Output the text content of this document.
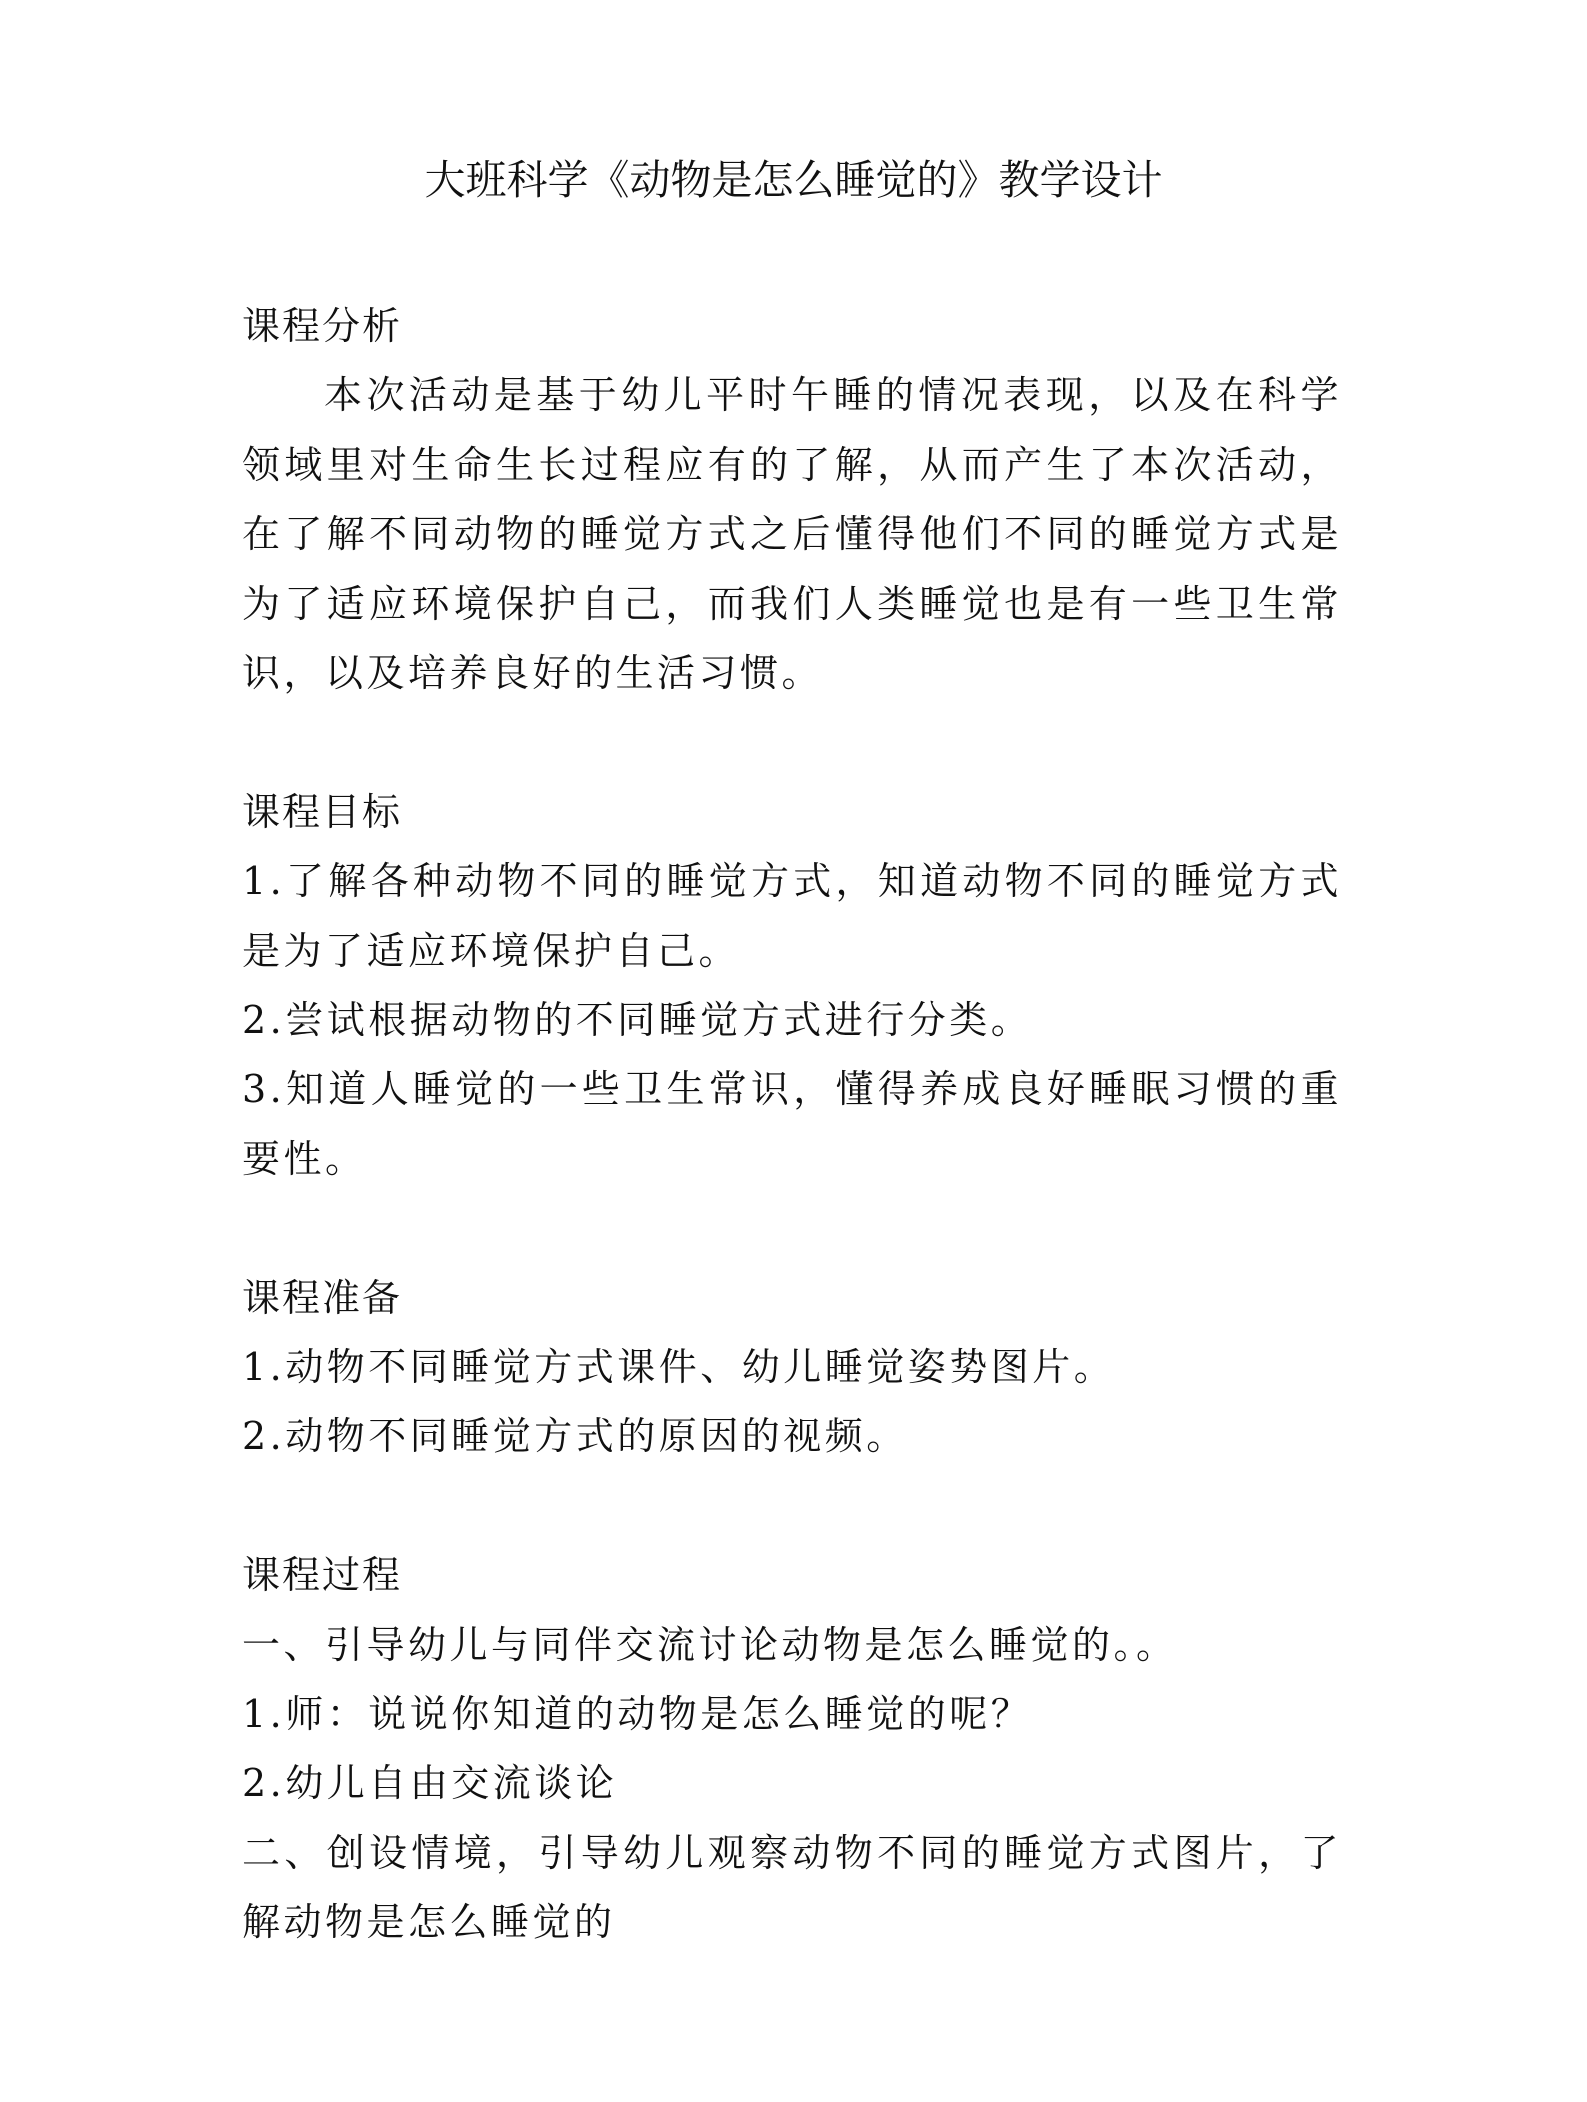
大班科学《动物是怎么睡觉的》教学设计
课程分析

本次活动是基于幼儿平时午睡的情况表现，以及在科学领域里对生命生长过程应有的了解，从而产生了本次活动，在了解不同动物的睡觉方式之后懂得他们不同的睡觉方式是为了适应环境保护自己，而我们人类睡觉也是有一些卫生常识，以及培养良好的生活习惯。

课程目标

1.了解各种动物不同的睡觉方式，知道动物不同的睡觉方式是为了适应环境保护自己。

2.尝试根据动物的不同睡觉方式进行分类。

3.知道人睡觉的一些卫生常识，懂得养成良好睡眠习惯的重要性。

课程准备

1.动物不同睡觉方式课件、幼儿睡觉姿势图片。

2.动物不同睡觉方式的原因的视频。

课程过程

一、引导幼儿与同伴交流讨论动物是怎么睡觉的。。

1.师：说说你知道的动物是怎么睡觉的呢？

2.幼儿自由交流谈论

二、创设情境，引导幼儿观察动物不同的睡觉方式图片，了解动物是怎么睡觉的
